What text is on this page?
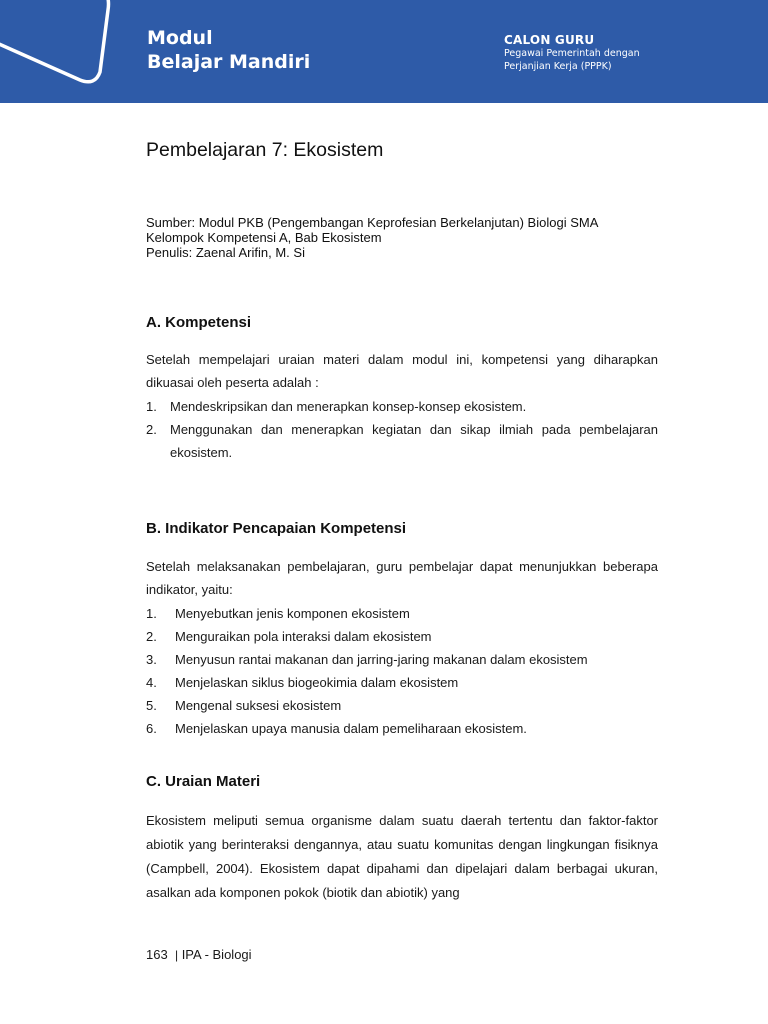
Modul
Belajar Mandiri
CALON GURU
Pegawai Pemerintah dengan
Perjanjian Kerja (PPPK)
Pembelajaran 7: Ekosistem
Sumber: Modul PKB (Pengembangan Keprofesian Berkelanjutan) Biologi SMA
Kelompok Kompetensi A, Bab Ekosistem
Penulis: Zaenal Arifin, M. Si
A. Kompetensi
Setelah mempelajari uraian materi dalam modul ini, kompetensi yang diharapkan dikuasai oleh peserta adalah :
1.	Mendeskripsikan dan menerapkan konsep-konsep ekosistem.
2.	Menggunakan dan menerapkan kegiatan dan sikap ilmiah pada pembelajaran ekosistem.
B. Indikator Pencapaian Kompetensi
Setelah melaksanakan pembelajaran, guru pembelajar dapat menunjukkan beberapa indikator, yaitu:
1.	Menyebutkan jenis komponen ekosistem
2.	Menguraikan pola interaksi dalam ekosistem
3.	Menyusun rantai makanan dan jarring-jaring makanan dalam ekosistem
4.	Menjelaskan siklus biogeokimia dalam ekosistem
5.	Mengenal suksesi ekosistem
6.	Menjelaskan upaya manusia dalam pemeliharaan ekosistem.
C. Uraian Materi
Ekosistem meliputi semua organisme dalam suatu daerah tertentu dan faktor-faktor abiotik yang berinteraksi dengannya, atau suatu komunitas dengan lingkungan fisiknya (Campbell, 2004). Ekosistem dapat dipahami dan dipelajari dalam berbagai ukuran, asalkan ada komponen pokok (biotik dan abiotik) yang
163 | IPA - Biologi
